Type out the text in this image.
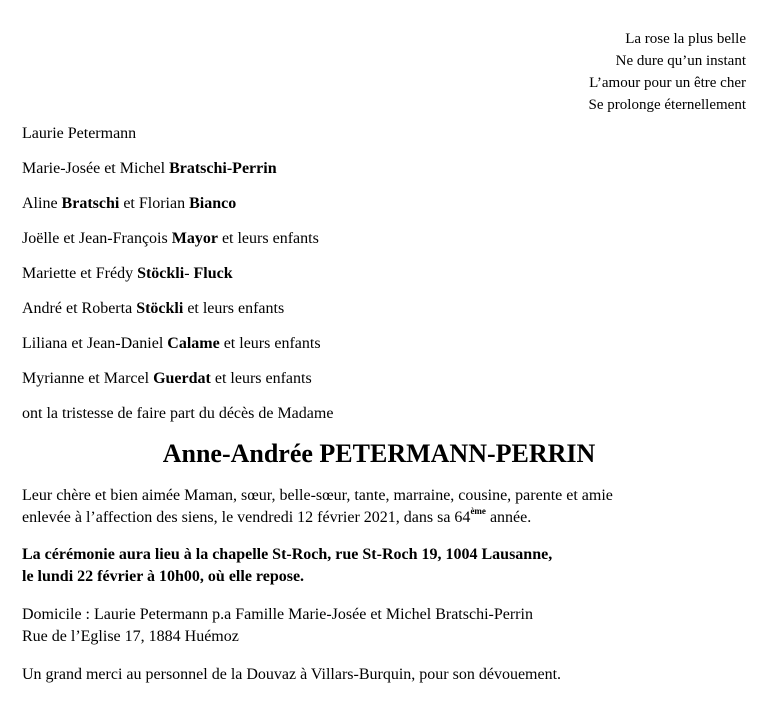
La rose la plus belle
Ne dure qu’un instant
L’amour pour un être cher
Se prolonge éternellement
Laurie Petermann
Marie-Josée et Michel Bratschi-Perrin
Aline Bratschi et Florian Bianco
Joëlle et Jean-François Mayor et leurs enfants
Mariette et Frédy Stöckli- Fluck
André et Roberta Stöckli et leurs enfants
Liliana et Jean-Daniel Calame et leurs enfants
Myrianne et Marcel Guerdat et leurs enfants
ont la tristesse de faire part du décès de Madame
Anne-Andrée PETERMANN-PERRIN
Leur chère et bien aimée Maman, sœur, belle-sœur, tante, marraine, cousine, parente et amie
enlevée à l’affection des siens, le vendredi 12 février 2021, dans sa 64ème année.
La cérémonie aura lieu à la chapelle St-Roch, rue St-Roch 19, 1004 Lausanne,
le lundi 22 février à 10h00, où elle repose.
Domicile : Laurie Petermann p.a Famille Marie-Josée et Michel Bratschi-Perrin
Rue de l’Eglise 17, 1884 Huémoz
Un grand merci au personnel de la Douvaz à Villars-Burquin, pour son dévouement.
